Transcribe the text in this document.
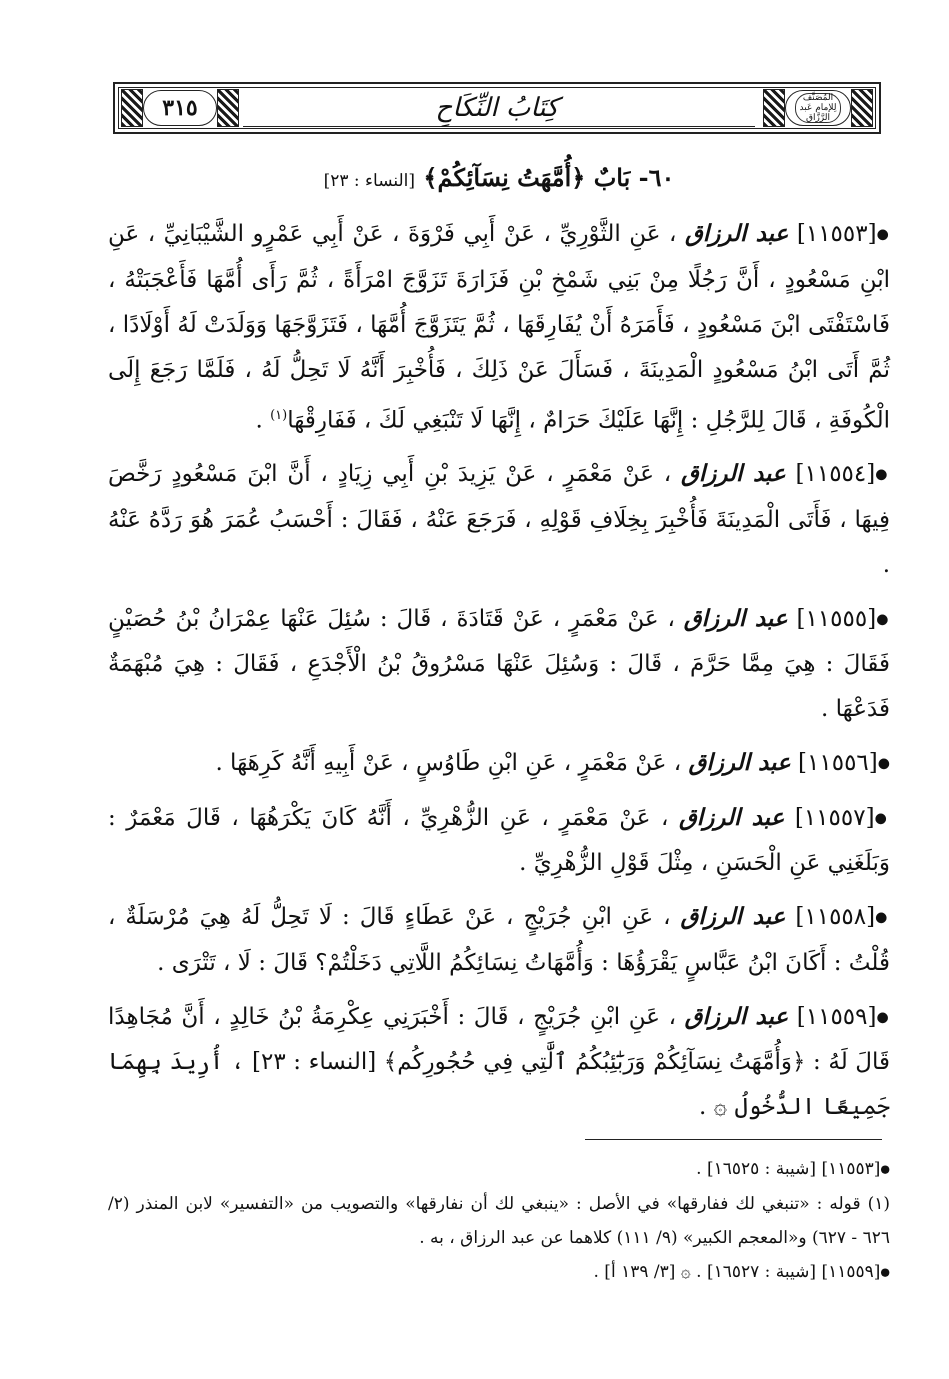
٣١٥	كِتَابُ النِّكَاحِ	المُصَنَّف لِلإمام عَبد الرَّزَّاق
٦٠- بَابٌ ﴿أُمَّهَتُ نِسَآئِكُمْ﴾ [النساء : ٢٣]

●[١١٥٥٣] عبد الرزاق ، عَنِ الثَّوْرِيِّ ، عَنْ أَبِي فَرْوَةَ ، عَنْ أَبِي عَمْرٍو الشَّيْبَانِيِّ ، عَنِ ابْنِ مَسْعُودٍ ، أَنَّ رَجُلًا مِنْ بَنِي شَمْخِ بْنِ فَزَارَةَ تَزَوَّجَ امْرَأَةً ، ثُمَّ رَأَى أُمَّهَا فَأَعْجَبَتْهُ ، فَاسْتَفْتَى ابْنَ مَسْعُودٍ ، فَأَمَرَهُ أَنْ يُفَارِقَهَا ، ثُمَّ يَتَزَوَّجَ أُمَّهَا ، فَتَزَوَّجَهَا وَوَلَدَتْ لَهُ أَوْلَادًا ، ثُمَّ أَتَى ابْنُ مَسْعُودٍ الْمَدِينَةَ ، فَسَأَلَ عَنْ ذَلِكَ ، فَأُخْبِرَ أَنَّهُ لَا تَحِلُّ لَهُ ، فَلَمَّا رَجَعَ إِلَى الْكُوفَةِ ، قَالَ لِلرَّجُلِ : إِنَّهَا عَلَيْكَ حَرَامٌ ، إِنَّهَا لَا تَنْبَغِي لَكَ ، فَفَارِقْهَا$^{(١)}$ .

●[١١٥٥٤] عبد الرزاق ، عَنْ مَعْمَرٍ ، عَنْ يَزِيدَ بْنِ أَبِي زِيَادٍ ، أَنَّ ابْنَ مَسْعُودٍ رَخَّصَ فِيهَا ، فَأَتَى الْمَدِينَةَ فَأُخْبِرَ بِخِلَافِ قَوْلِهِ ، فَرَجَعَ عَنْهُ ، فَقَالَ : أَحْسَبُ عُمَرَ هُوَ رَدَّهُ عَنْهُ .

●[١١٥٥٥] عبد الرزاق ، عَنْ مَعْمَرٍ ، عَنْ قَتَادَةَ ، قَالَ : سُئِلَ عَنْهَا عِمْرَانُ بْنُ حُصَيْنٍ فَقَالَ : هِيَ مِمَّا حَرَّمَ ، قَالَ : وَسُئِلَ عَنْهَا مَسْرُوقُ بْنُ الْأَجْدَعِ ، فَقَالَ : هِيَ مُبْهَمَةٌ فَدَعْهَا .

●[١١٥٥٦] عبد الرزاق ، عَنْ مَعْمَرٍ ، عَنِ ابْنِ طَاوُسٍ ، عَنْ أَبِيهِ أَنَّهُ كَرِهَهَا .

●[١١٥٥٧] عبد الرزاق ، عَنْ مَعْمَرٍ ، عَنِ الزُّهْرِيِّ ، أَنَّهُ كَانَ يَكْرَهُهَا ، قَالَ مَعْمَرٌ : وَبَلَغَنِي عَنِ الْحَسَنِ ، مِثْلَ قَوْلِ الزُّهْرِيِّ .

●[١١٥٥٨] عبد الرزاق ، عَنِ ابْنِ جُرَيْجٍ ، عَنْ عَطَاءٍ قَالَ : لَا تَحِلُّ لَهُ هِيَ مُرْسَلَةٌ ، قُلْتُ : أَكَانَ ابْنُ عَبَّاسٍ يَقْرَؤُهَا : وَأُمَّهَاتُ نِسَائِكُمُ اللَّاتِي دَخَلْتُمْ؟ قَالَ : لَا ، تَتْرَى .

●[١١٥٥٩] عبد الرزاق ، عَنِ ابْنِ جُرَيْجٍ ، قَالَ : أَخْبَرَنِي عِكْرِمَةُ بْنُ خَالِدٍ ، أَنَّ مُجَاهِدًا قَالَ لَهُ : ﴿وَأُمَّهَتُ نِسَآئِكُمْ وَرَبَٰٓئِبُكُمُ ٱلَّٰتِي فِي حُجُورِكُم﴾ [النساء : ٢٣] ، أُرِيدَ بِهِمَا جَمِيعًا الدُّخُولُ ۞ .

●[١١٥٥٣] [شيبة : ١٦٥٢٥] .

(١) قوله : «تنبغي لك ففارقها» في الأصل : «ينبغي لك أن نفارقها» والتصويب من «التفسير» لابن المنذر (٢/ ٦٢٦ - ٦٢٧) و«المعجم الكبير» (٩/ ١١١) كلاهما عن عبد الرزاق ، به .

●[١١٥٥٩] [شيبة : ١٦٥٢٧] . ۞ [٣/ ١٣٩ أ] .
